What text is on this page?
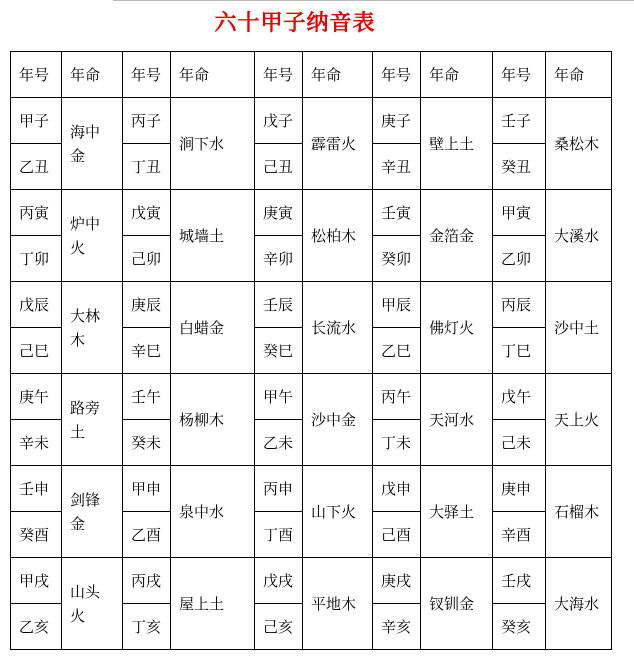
六十甲子纳音表
年号	年命	年号	年命	年号	年命	年号	年命	年号	年命
甲子	海中金	丙子	涧下水	戊子	霹雷火	庚子	壁上土	壬子	桑松木
乙丑		丁丑		己丑		辛丑		癸丑	
丙寅	炉中火	戊寅	城墙土	庚寅	松柏木	壬寅	金箔金	甲寅	大溪水
丁卯		己卯		辛卯		癸卯		乙卯	
戊辰	大林木	庚辰	白蜡金	壬辰	长流水	甲辰	佛灯火	丙辰	沙中土
己巳		辛巳		癸巳		乙巳		丁巳	
庚午	路旁土	壬午	杨柳木	甲午	沙中金	丙午	天河水	戊午	天上火
辛未		癸未		乙未		丁未		己未	
壬申	剑锋金	甲申	泉中水	丙申	山下火	戊申	大驿土	庚申	石榴木
癸酉		乙酉		丁酉		己酉		辛酉	
甲戌	山头火	丙戌	屋上土	戊戌	平地木	庚戌	钗钏金	壬戌	大海水
乙亥		丁亥		己亥		辛亥		癸亥	
